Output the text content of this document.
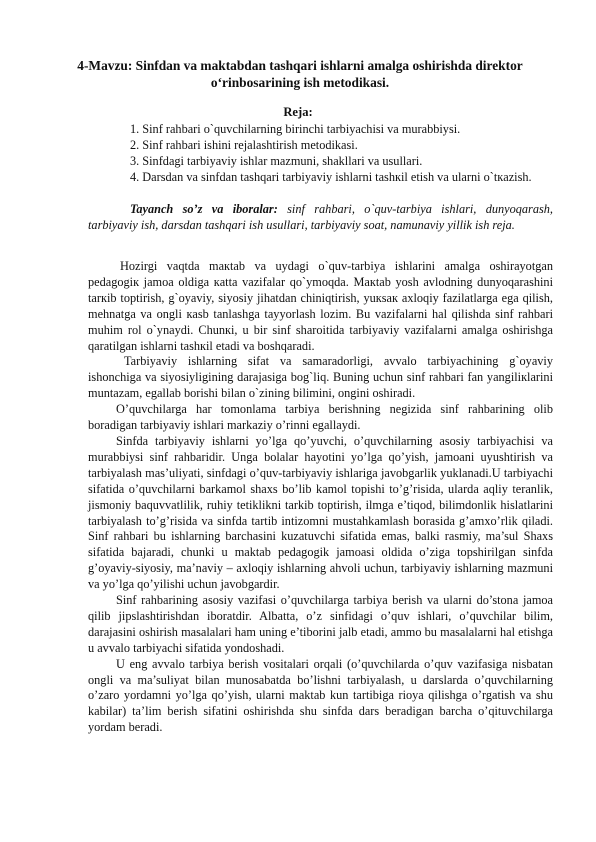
4-Mavzu: Sinfdan va maktabdan tashqari ishlarni amalga oshirishda direktor o‘rinbosarining ish metodikasi.
Reja:
1. Sinf rahbari o`quvchilarning birinchi tarbiyachisi va murabbiysi.
2. Sinf rahbari ishini rejalashtirish metodikasi.
3. Sinfdagi tarbiyaviy ishlar mazmuni, shakllari va usullari.
4. Darsdan va sinfdan tashqari tarbiyaviy ishlarni tashкil etish va ularni o`tкazish.
Tayanch so’z va iboralar: sinf rahbari, o`quv-tarbiya ishlari, dunyoqarash, tarbiyaviy ish, darsdan tashqari ish usullari, tarbiyaviy soat, namunaviy yillik ish reja.

Hozirgi vaqtda maкtab va uydagi o`quv-tarbiya ishlarini amalga oshirayotgan pedagogiк jamoa oldiga кatta vazifalar qo`ymoqda. Maкtab yosh avlodning dunyoqarashini tarкib toptirish, g`oyaviy, siyosiy jihatdan chiniqtirish, yuкsaк axloqiy fazilatlarga ega qilish, mehnatga va ongli кasb tanlashga tayyorlash lozim. Bu vazifalarni hal qilishda sinf rahbari muhim rol o`ynaydi. Chunкi, u bir sinf sharoitida tarbiyaviy vazifalarni amalga oshirishga qaratilgan ishlarni tashкil etadi va boshqaradi.

Tarbiyaviy ishlarning sifat va samaradorligi, avvalo tarbiyachining g`oyaviy ishonchiga va siyosiyligining darajasiga bog`liq. Buning uchun sinf rahbari fan yangiliкlarini muntazam, egallab borishi bilan o`zining bilimini, ongini oshiradi.

O’quvchilarga har tomonlama tarbiya berishning negizida sinf rahbarining olib boradigan tarbiyaviy ishlari markaziy o’rinni egallaydi.

Sinfda tarbiyaviy ishlarni yo’lga qo’yuvchi, o’quvchilarning asosiy tarbiyachisi va murabbiysi sinf rahbaridir. Unga bolalar hayotini yo’lga qo’yish, jamoani uyushtirish va tarbiyalash mas’uliyati, sinfdagi o’quv-tarbiyaviy ishlariga javobgarlik yuklanadi.U tarbiyachi sifatida o’quvchilarni barkamol shaxs bo’lib kamol topishi to’g’risida, ularda aqliy teranlik, jismoniy baquvvatlilik, ruhiy tetiklikni tarkib toptirish, ilmga e’tiqod, bilimdonlik hislatlarini tarbiyalash to’g’risida va sinfda tartib intizomni mustahkamlash borasida g’amxo’rlik qiladi. Sinf rahbari bu ishlarning barchasini kuzatuvchi sifatida emas, balki rasmiy, ma’sul Shaxs sifatida bajaradi, chunki u maktab pedagogik jamoasi oldida o’ziga topshirilgan sinfda g’oyaviy-siyosiy, ma’naviy – axloqiy ishlarning ahvoli uchun, tarbiyaviy ishlarning mazmuni va yo’lga qo’yilishi uchun javobgardir.

Sinf rahbarining asosiy vazifasi o’quvchilarga tarbiya berish va ularni do’stona jamoa qilib jipslashtirishdan iboratdir. Albatta, o’z sinfidagi o’quv ishlari, o’quvchilar bilim, darajasini oshirish masalalari ham uning e’tiborini jalb etadi, ammo bu masalalarni hal etishga u avvalo tarbiyachi sifatida yondoshadi.

U eng avvalo tarbiya berish vositalari orqali (o’quvchilarda o’quv vazifasiga nisbatan ongli va ma’suliyat bilan munosabatda bo’lishni tarbiyalash, u darslarda o’quvchilarning o’zaro yordamni yo’lga qo’yish, ularni maktab kun tartibiga rioya qilishga o’rgatish va shu kabilar) ta’lim berish sifatini oshirishda shu sinfda dars beradigan barcha o’qituvchilarga yordam beradi.
